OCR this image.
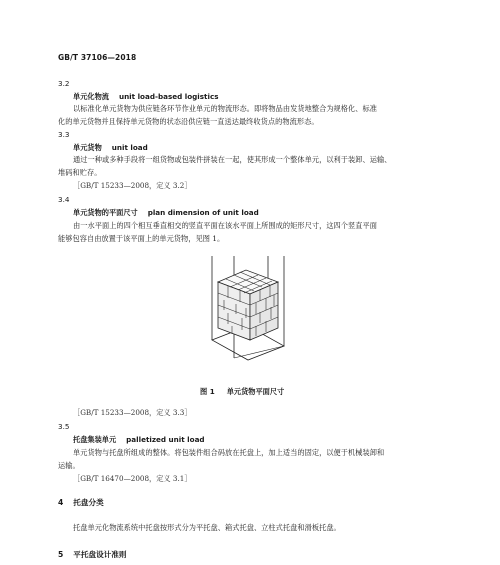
GB/T 37106—2018
3.2
单元化物流 unit load-based logistics
以标准化单元货物为供应链各环节作业单元的物流形态。即将物品由发货地整合为规格化、标准
化的单元货物并且保持单元货物的状态沿供应链一直送达最终收货点的物流形态。
3.3
单元货物 unit load
通过一种或多种手段将一组货物或包装件拼装在一起，使其形成一个整体单元，以利于装卸、运输、
堆码和贮存。
［GB/T 15233—2008，定义 3.2］
3.4
单元货物的平面尺寸 plan dimension of unit load
由一水平面上的四个相互垂直相交的竖直平面在该水平面上所围成的矩形尺寸，这四个竖直平面
能够包容自由放置于该平面上的单元货物，见图 1。
图 1 单元货物平面尺寸
［GB/T 15233—2008，定义 3.3］
3.5
托盘集装单元 palletized unit load
单元货物与托盘所组成的整体。将包装件组合码放在托盘上，加上适当的固定，以便于机械装卸和
运输。
［GB/T 16470—2008，定义 3.1］
4 托盘分类
托盘单元化物流系统中托盘按形式分为平托盘、箱式托盘、立柱式托盘和滑板托盘。
5 平托盘设计准则
